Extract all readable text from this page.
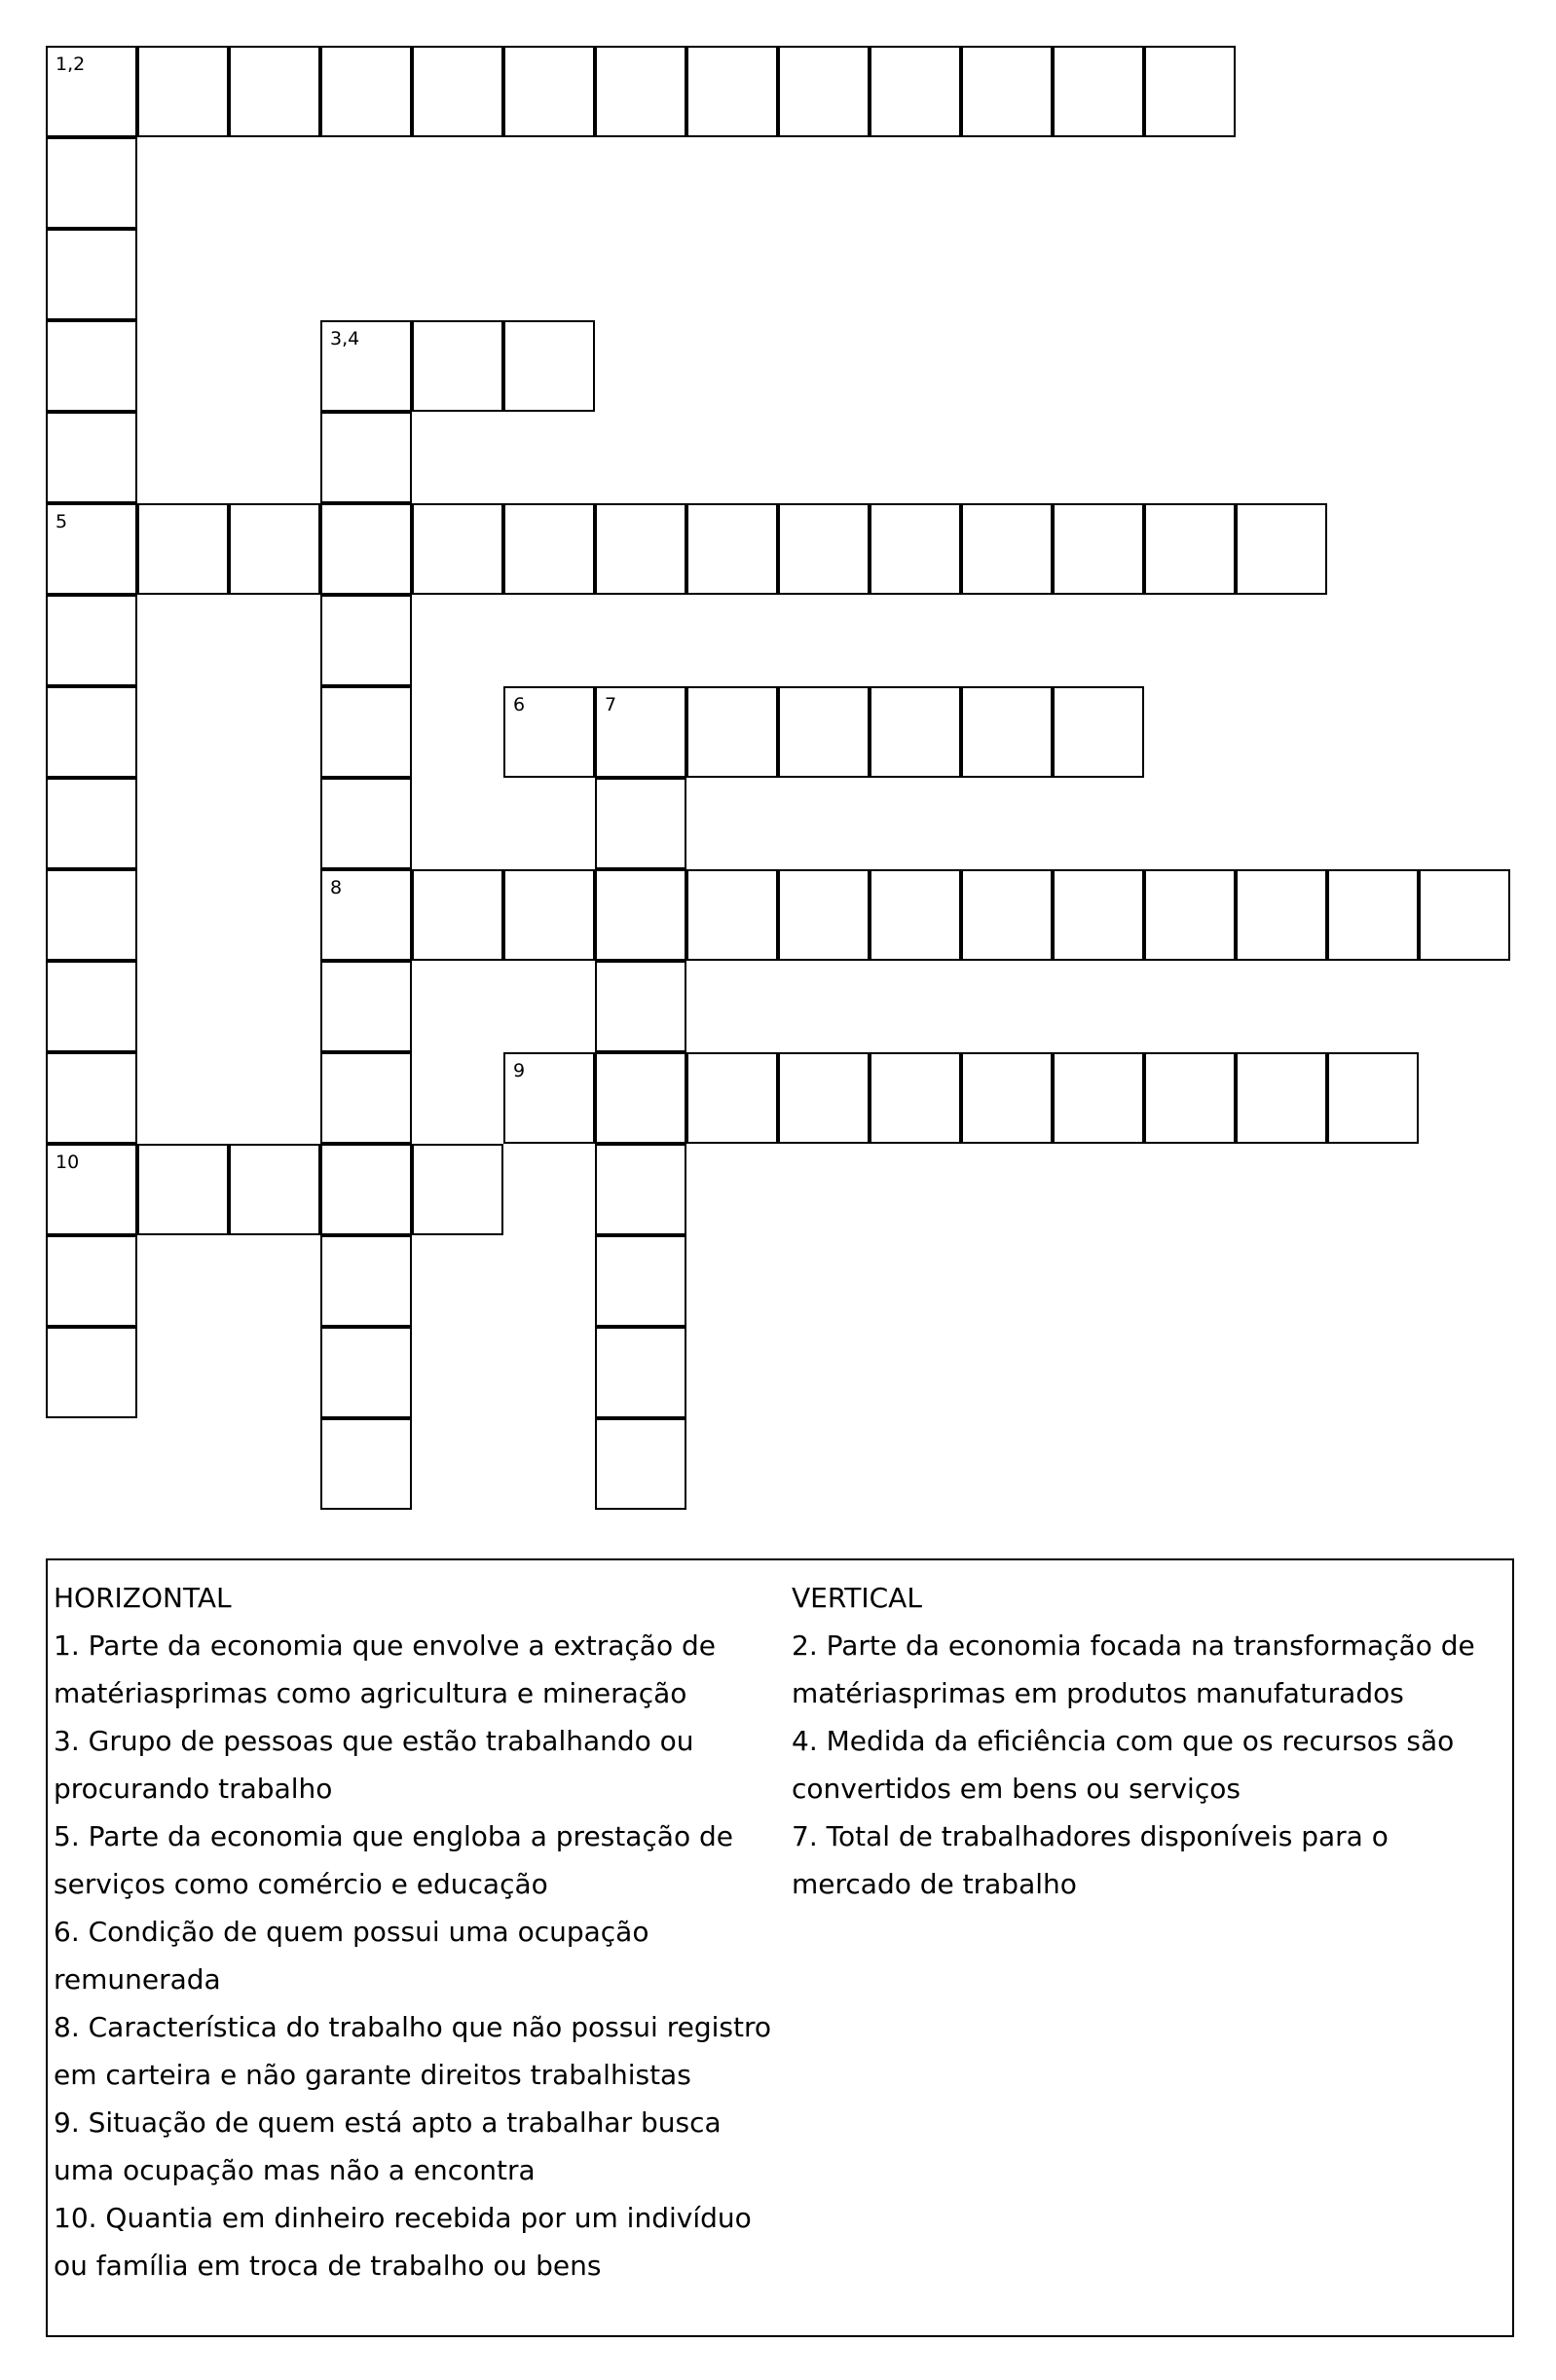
1,2
3,4
5
6	7
8
9
10
HORIZONTAL
1. Parte da economia que envolve a extração de matériasprimas como agricultura e mineração
3. Grupo de pessoas que estão trabalhando ou procurando trabalho
5. Parte da economia que engloba a prestação de serviços como comércio e educação
6. Condição de quem possui uma ocupação remunerada
8. Característica do trabalho que não possui registro em carteira e não garante direitos trabalhistas
9. Situação de quem está apto a trabalhar busca uma ocupação mas não a encontra
10. Quantia em dinheiro recebida por um indivíduo ou família em troca de trabalho ou bens
VERTICAL
2. Parte da economia focada na transformação de matériasprimas em produtos manufaturados
4. Medida da eficiência com que os recursos são convertidos em bens ou serviços
7. Total de trabalhadores disponíveis para o mercado de trabalho
